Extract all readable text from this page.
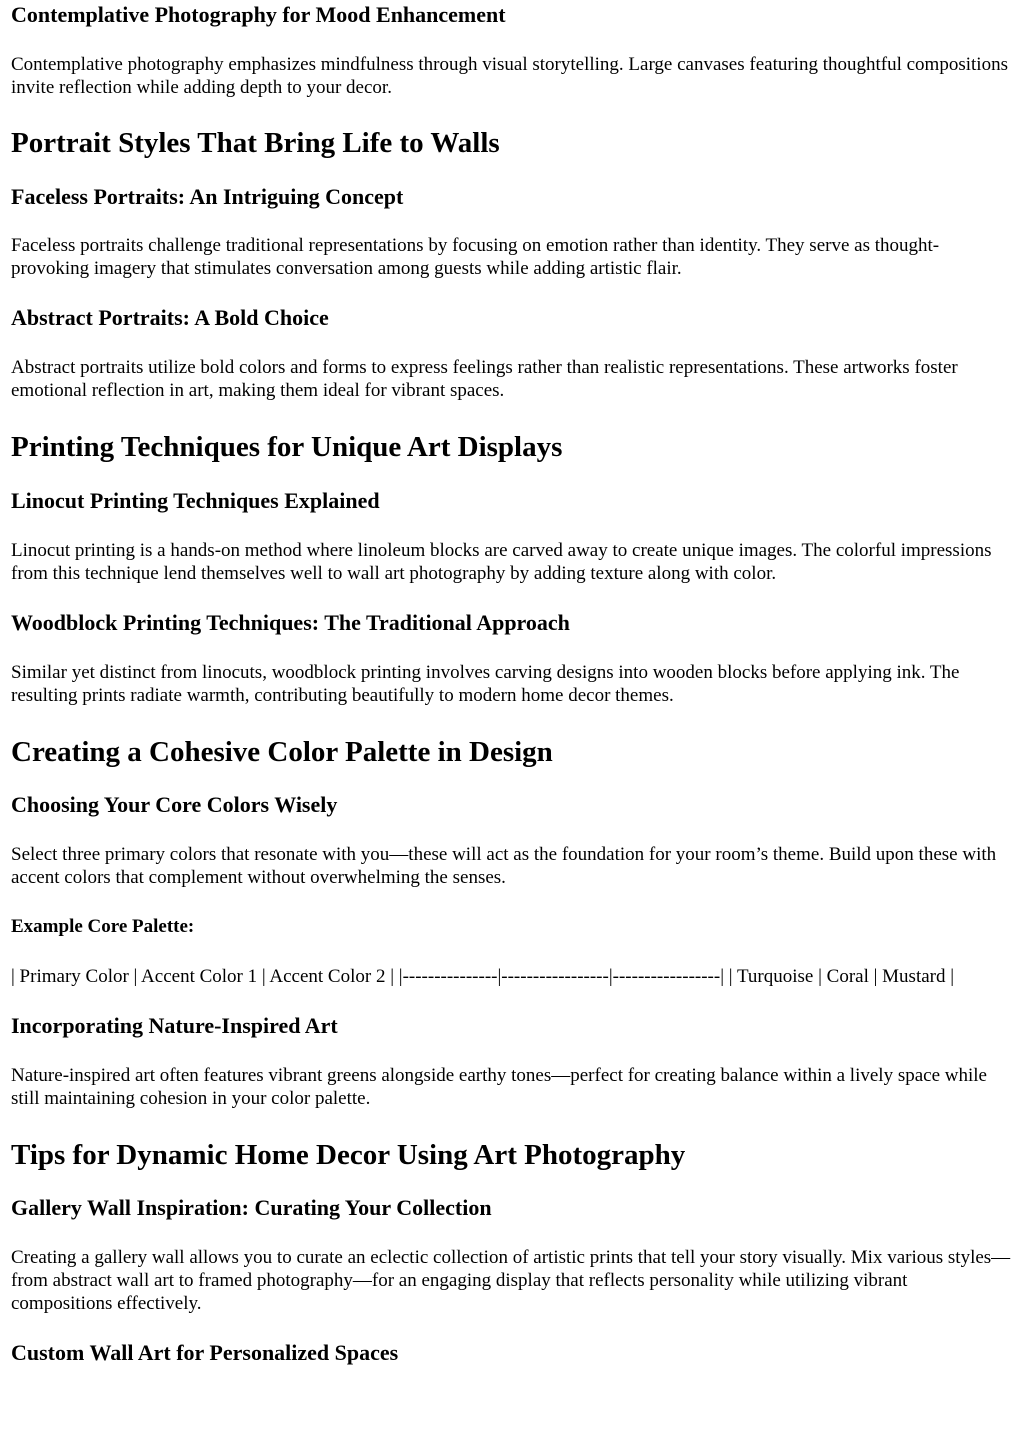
Contemplative Photography for Mood Enhancement

Contemplative photography emphasizes mindfulness through visual storytelling. Large canvases featuring thoughtful compositions invite reflection while adding depth to your decor.

Portrait Styles That Bring Life to Walls
Faceless Portraits: An Intriguing Concept

Faceless portraits challenge traditional representations by focusing on emotion rather than identity. They serve as thought-provoking imagery that stimulates conversation among guests while adding artistic flair.

Abstract Portraits: A Bold Choice

Abstract portraits utilize bold colors and forms to express feelings rather than realistic representations. These artworks foster emotional reflection in art, making them ideal for vibrant spaces.

Printing Techniques for Unique Art Displays
Linocut Printing Techniques Explained

Linocut printing is a hands-on method where linoleum blocks are carved away to create unique images. The colorful impressions from this technique lend themselves well to wall art photography by adding texture along with color.

Woodblock Printing Techniques: The Traditional Approach

Similar yet distinct from linocuts, woodblock printing involves carving designs into wooden blocks before applying ink. The resulting prints radiate warmth, contributing beautifully to modern home decor themes.

Creating a Cohesive Color Palette in Design
Choosing Your Core Colors Wisely

Select three primary colors that resonate with you—these will act as the foundation for your room’s theme. Build upon these with accent colors that complement without overwhelming the senses.

Example Core Palette:

| Primary Color | Accent Color 1 | Accent Color 2 | |---------------|-----------------|-----------------| | Turquoise | Coral | Mustard |

Incorporating Nature-Inspired Art

Nature-inspired art often features vibrant greens alongside earthy tones—perfect for creating balance within a lively space while still maintaining cohesion in your color palette.

Tips for Dynamic Home Decor Using Art Photography
Gallery Wall Inspiration: Curating Your Collection

Creating a gallery wall allows you to curate an eclectic collection of artistic prints that tell your story visually. Mix various styles—from abstract wall art to framed photography—for an engaging display that reflects personality while utilizing vibrant compositions effectively.

Custom Wall Art for Personalized Spaces
